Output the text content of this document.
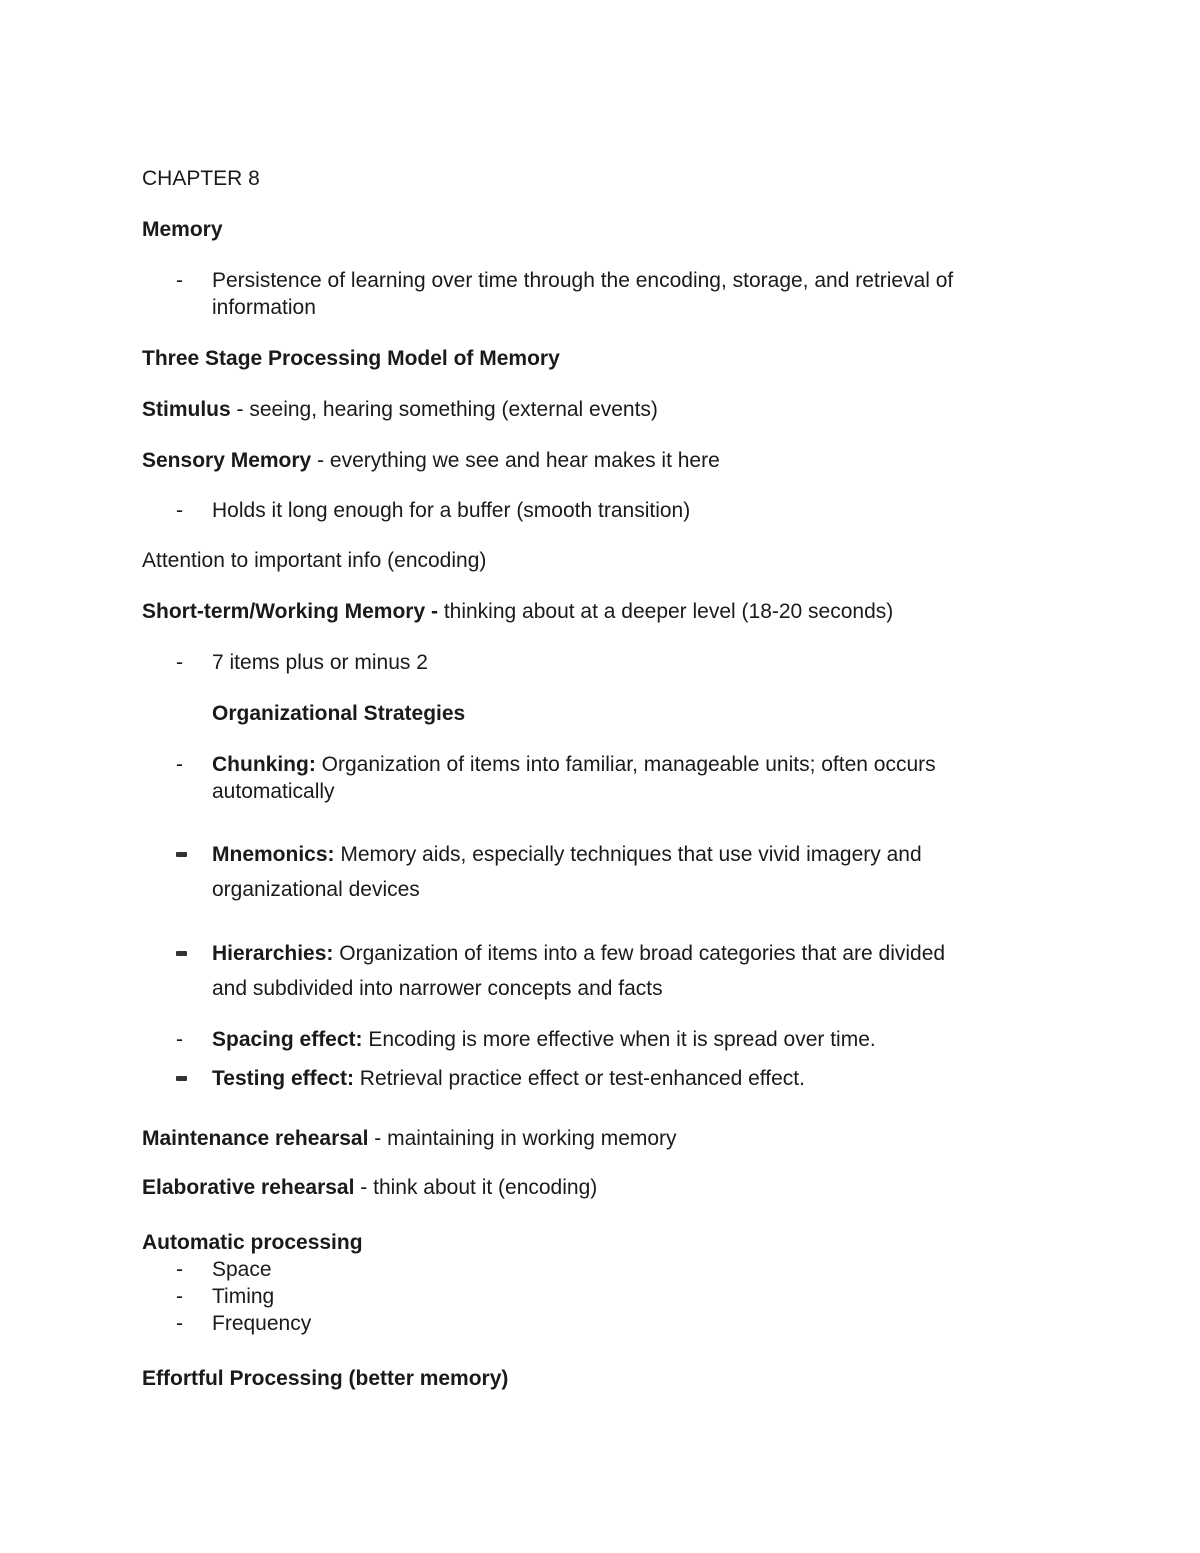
CHAPTER 8
Memory
- Persistence of learning over time through the encoding, storage, and retrieval of
information
Three Stage Processing Model of Memory
Stimulus - seeing, hearing something (external events)
Sensory Memory - everything we see and hear makes it here
- Holds it long enough for a buffer (smooth transition)
Attention to important info (encoding)
Short-term/Working Memory - thinking about at a deeper level (18-20 seconds)
- 7 items plus or minus 2
Organizational Strategies
- Chunking: Organization of items into familiar, manageable units; often occurs
automatically
Mnemonics: Memory aids, especially techniques that use vivid imagery and
organizational devices
Hierarchies: Organization of items into a few broad categories that are divided
and subdivided into narrower concepts and facts
- Spacing effect: Encoding is more effective when it is spread over time.
Testing effect: Retrieval practice effect or test-enhanced effect.
Maintenance rehearsal - maintaining in working memory
Elaborative rehearsal - think about it (encoding)
Automatic processing
- Space
- Timing
- Frequency
Effortful Processing (better memory)
